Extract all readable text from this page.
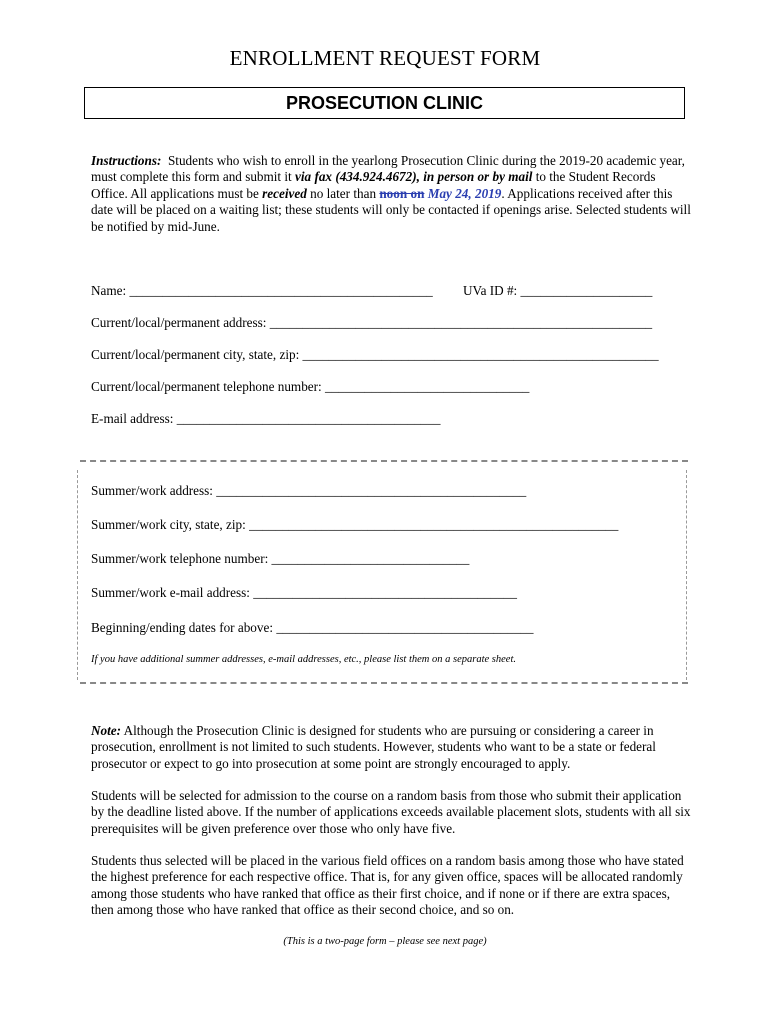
ENROLLMENT REQUEST FORM
PROSECUTION CLINIC
Instructions: Students who wish to enroll in the yearlong Prosecution Clinic during the 2019-20 academic year, must complete this form and submit it via fax (434.924.4672), in person or by mail to the Student Records Office. All applications must be received no later than noon on May 24, 2019. Applications received after this date will be placed on a waiting list; these students will only be contacted if openings arise. Selected students will be notified by mid-June.
Name: ______________________________________________ UVa ID #: ____________________
Current/local/permanent address: __________________________________________________________
Current/local/permanent city, state, zip: ______________________________________________________
Current/local/permanent telephone number: _______________________________
E-mail address: ________________________________________
Summer/work address: _______________________________________________
Summer/work city, state, zip: ________________________________________________________
Summer/work telephone number: ______________________________
Summer/work e-mail address: ________________________________________
Beginning/ending dates for above: _______________________________________
If you have additional summer addresses, e-mail addresses, etc., please list them on a separate sheet.
Note: Although the Prosecution Clinic is designed for students who are pursuing or considering a career in prosecution, enrollment is not limited to such students. However, students who want to be a state or federal prosecutor or expect to go into prosecution at some point are strongly encouraged to apply.
Students will be selected for admission to the course on a random basis from those who submit their application by the deadline listed above. If the number of applications exceeds available placement slots, students with all six prerequisites will be given preference over those who only have five.
Students thus selected will be placed in the various field offices on a random basis among those who have stated the highest preference for each respective office. That is, for any given office, spaces will be allocated randomly among those students who have ranked that office as their first choice, and if none or if there are extra spaces, then among those who have ranked that office as their second choice, and so on.
(This is a two-page form – please see next page)
